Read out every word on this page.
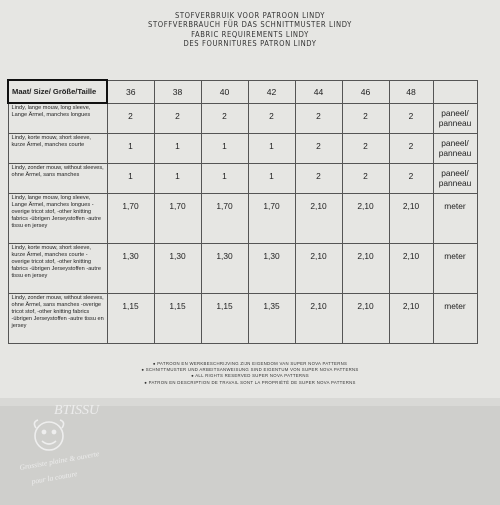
STOFVERBRUIK VOOR PATROON LINDY
STOFFVERBRAUCH FÜR DAS SCHNITTMUSTER LINDY
FABRIC REQUIREMENTS LINDY
DES FOURNITURES PATRON LINDY
Maat/ Size/ Größe/Taille	36	38	40	42	44	46	48	
Lindy, lange mouw, long sleeve, Lange Ärmel, manches longues	2	2	2	2	2	2	2	paneel/ panneau

Lindy, korte mouw, short sleeve, kurze Ärmel, manches courte	1	1	1	1	2	2	2	paneel/ panneau

Lindy, zonder mouw, without sleeves, ohne Ärmel, sans manches	1	1	1	1	2	2	2	paneel/ panneau

Lindy, lange mouw, long sleeve, Lange Ärmel, manches longues -overige tricot stof, -other knitting fabrics -übrigen Jerseystoffen -autre tissu en jersey	1,70	1,70	1,70	1,70	2,10	2,10	2,10	meter

Lindy, korte mouw, short sleeve, kurze Ärmel, manches courte -overige tricot stof, -other knitting fabrics -übrigen Jerseystoffen -autre tissu en jersey	1,30	1,30	1,30	1,30	2,10	2,10	2,10	meter

Lindy, zonder mouw, without sleeves, ohne Ärmel, sans manches -overige tricot stof, -other knitting fabrics -übrigen Jerseystoffen -autre tissu en jersey	1,15	1,15	1,15	1,35	2,10	2,10	2,10	meter
● PATROON EN WERKBESCHRIJVING ZIJN EIGENDOM VAN SUPER NOVA PATTERNS
● SCHNITTMUSTER UND ARBEITSANWEISUNG SIND EIGENTUM VON SUPER NOVA PATTERNS
● ALL RIGHTS RESERVED SUPER NOVA PATTERNS
● PATRON EN DESCRIPTION DE TRAVAIL SONT LA PROPRIÉTÉ DE SUPER NOVA PATTERNS
BTISSU
Grossiste plaine & ouverte
pour la couture
